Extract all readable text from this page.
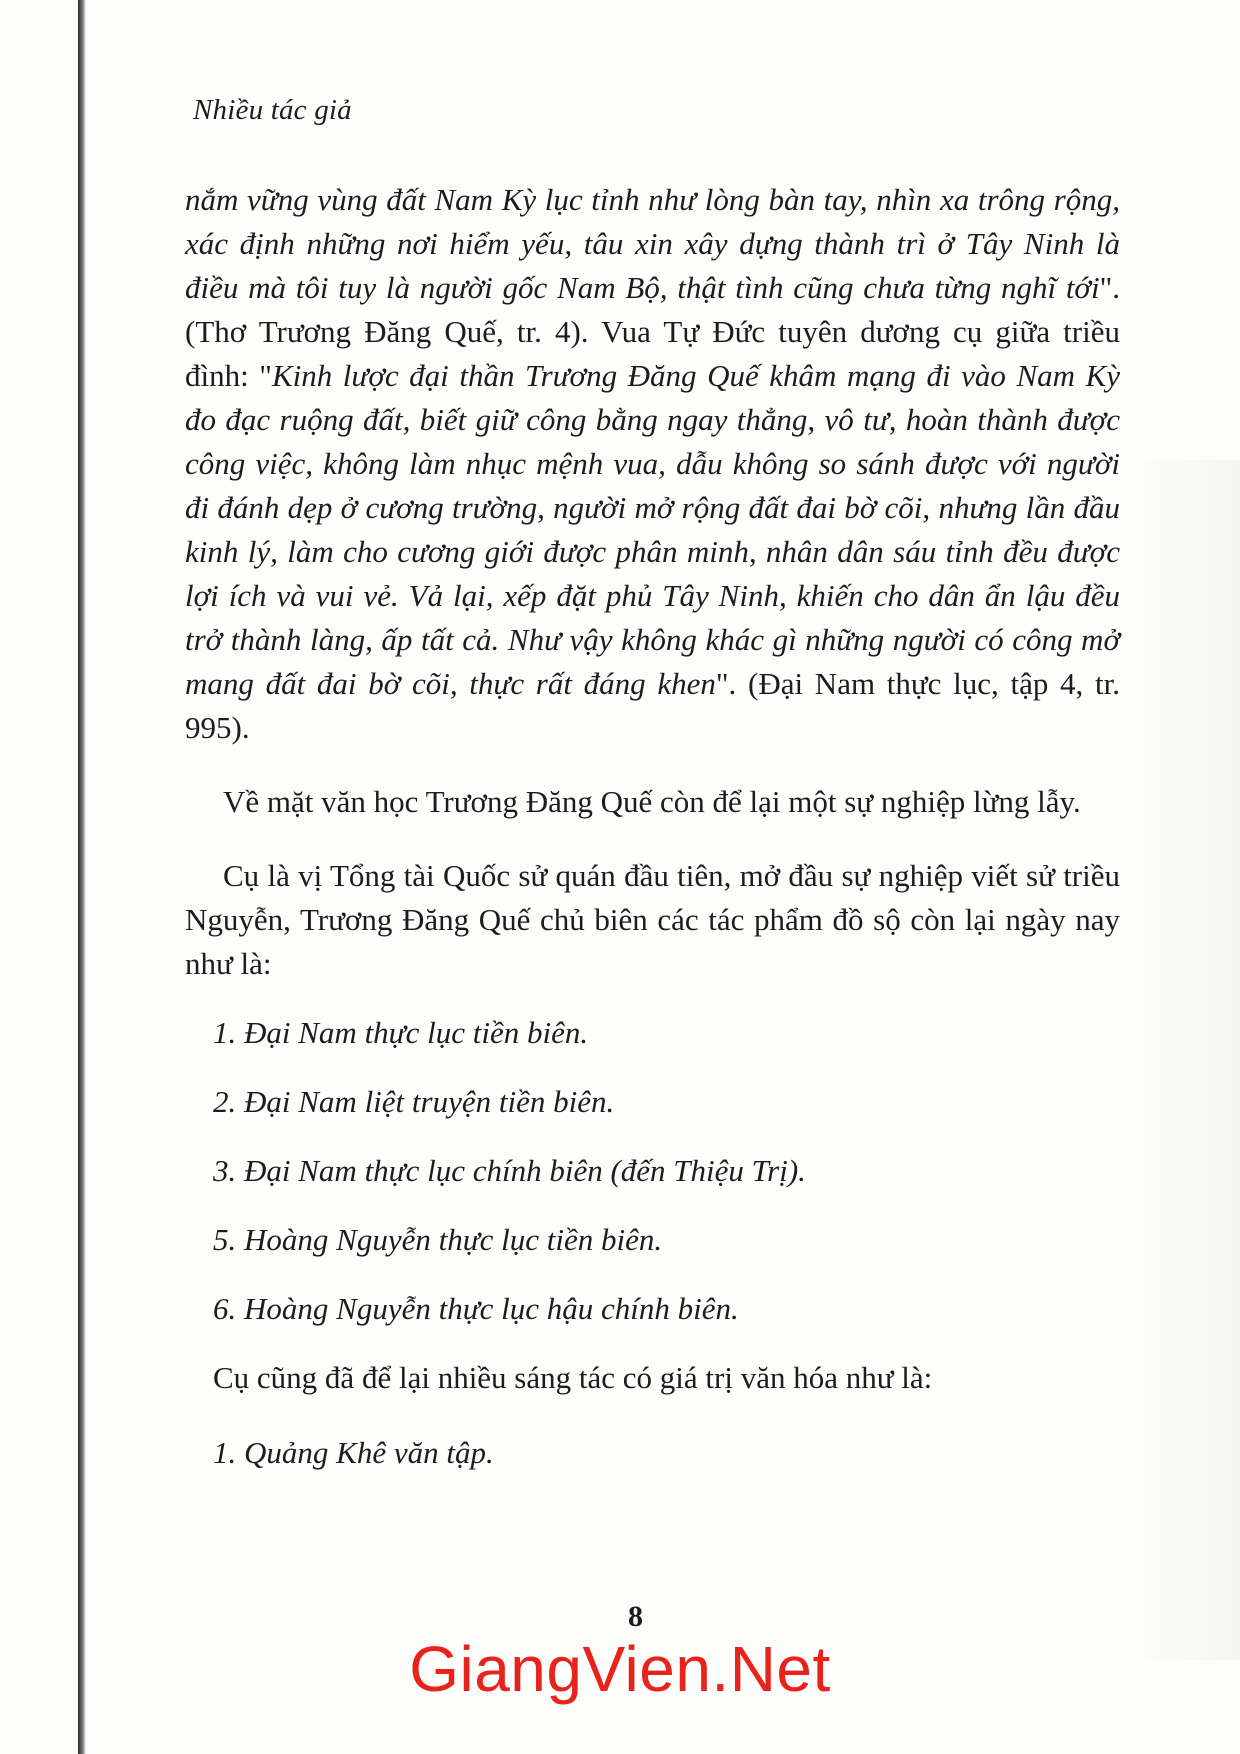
Nhiều tác giả

nắm vững vùng đất Nam Kỳ lục tỉnh như lòng bàn tay, nhìn xa trông rộng, xác định những nơi hiểm yếu, tâu xin xây dựng thành trì ở Tây Ninh là điều mà tôi tuy là người gốc Nam Bộ, thật tình cũng chưa từng nghĩ tới".(Thơ Trương Đăng Quế, tr. 4). Vua Tự Đức tuyên dương cụ giữa triều đình: "Kinh lược đại thần Trương Đăng Quế khâm mạng đi vào Nam Kỳ đo đạc ruộng đất, biết giữ công bằng ngay thẳng, vô tư, hoàn thành được công việc, không làm nhục mệnh vua, dẫu không so sánh được với người đi đánh dẹp ở cương trường, người mở rộng đất đai bờ cõi, nhưng lần đầu kinh lý, làm cho cương giới được phân minh, nhân dân sáu tỉnh đều được lợi ích và vui vẻ. Vả lại, xếp đặt phủ Tây Ninh, khiến cho dân ẩn lậu đều trở thành làng, ấp tất cả. Như vậy không khác gì những người có công mở mang đất đai bờ cõi, thực rất đáng khen". (Đại Nam thực lục, tập 4, tr. 995).

Về mặt văn học Trương Đăng Quế còn để lại một sự nghiệp lừng lẫy.

Cụ là vị Tổng tài Quốc sử quán đầu tiên, mở đầu sự nghiệp viết sử triều Nguyễn, Trương Đăng Quế chủ biên các tác phẩm đồ sộ còn lại ngày nay như là:

1. Đại Nam thực lục tiền biên.
2. Đại Nam liệt truyện tiền biên.
3. Đại Nam thực lục chính biên (đến Thiệu Trị).
5. Hoàng Nguyễn thực lục tiền biên.
6. Hoàng Nguyễn thực lục hậu chính biên.

Cụ cũng đã để lại nhiều sáng tác có giá trị văn hóa như là:

1. Quảng Khê văn tập.
8
GiangVien.Net
